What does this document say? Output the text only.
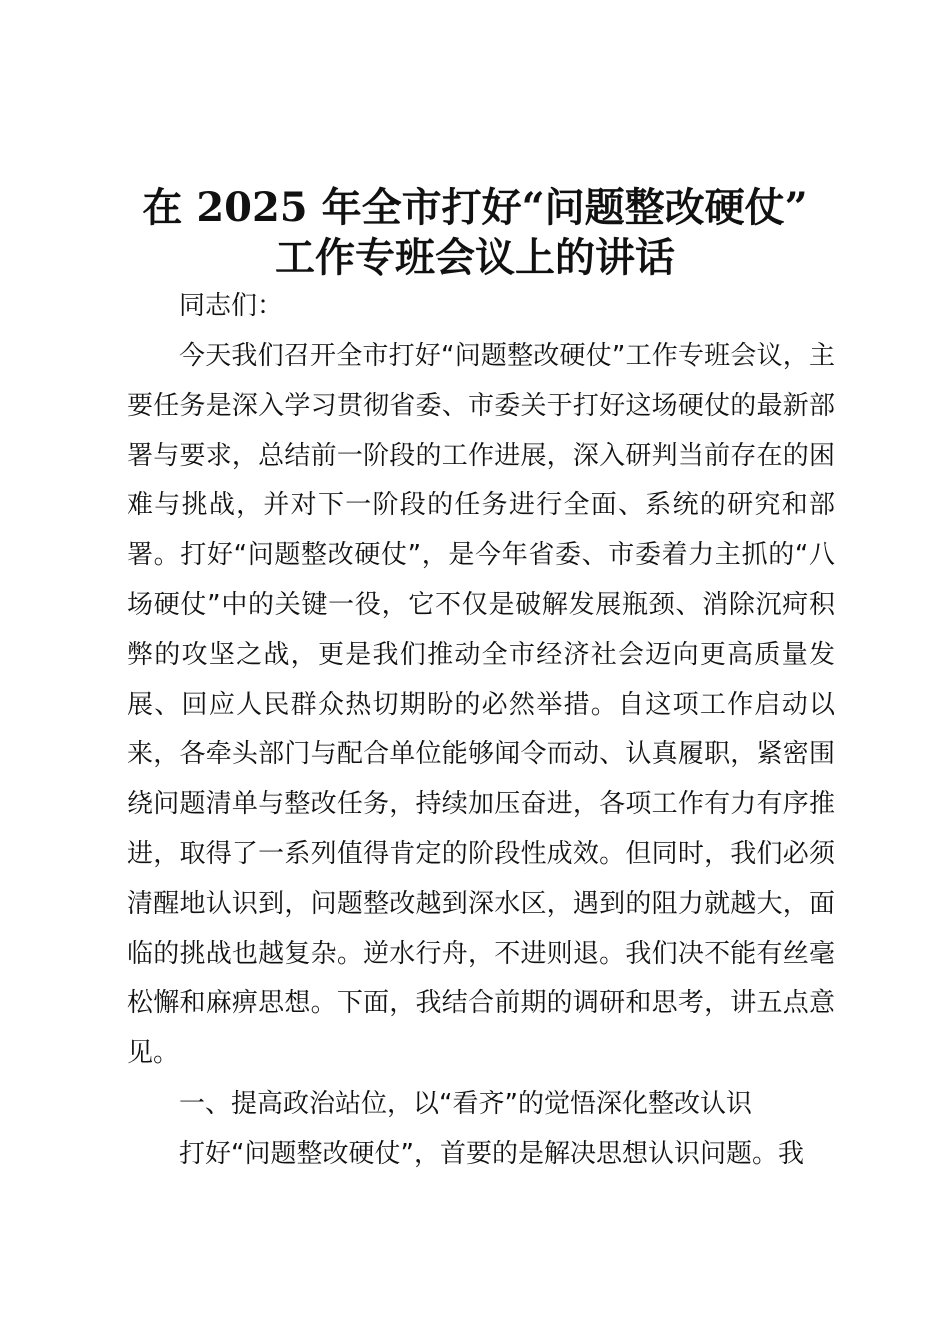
在 2025 年全市打好“问题整改硬仗”
工作专班会议上的讲话
同志们：
今天我们召开全市打好“问题整改硬仗”工作专班会议，主要任务是深入学习贯彻省委、市委关于打好这场硬仗的最新部署与要求，总结前一阶段的工作进展，深入研判当前存在的困难与挑战，并对下一阶段的任务进行全面、系统的研究和部署。打好“问题整改硬仗”，是今年省委、市委着力主抓的“八场硬仗”中的关键一役，它不仅是破解发展瓶颈、消除沉疴积弊的攻坚之战，更是我们推动全市经济社会迈向更高质量发展、回应人民群众热切期盼的必然举措。自这项工作启动以来，各牵头部门与配合单位能够闻令而动、认真履职，紧密围绕问题清单与整改任务，持续加压奋进，各项工作有力有序推进，取得了一系列值得肯定的阶段性成效。但同时，我们必须清醒地认识到，问题整改越到深水区，遇到的阻力就越大，面临的挑战也越复杂。逆水行舟，不进则退。我们决不能有丝毫松懈和麻痹思想。下面，我结合前期的调研和思考，讲五点意见。
一、提高政治站位，以“看齐”的觉悟深化整改认识
打好“问题整改硬仗”，首要的是解决思想认识问题。我
